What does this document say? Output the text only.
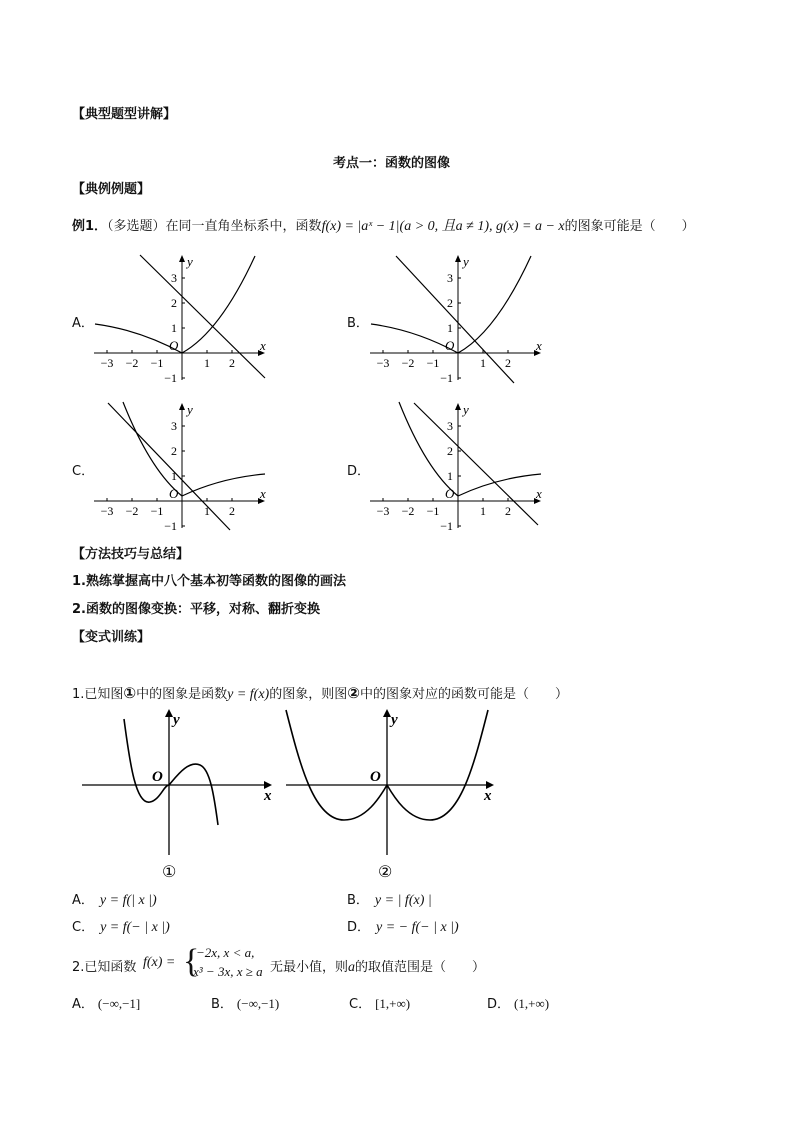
【典型题型讲解】
考点一：函数的图像
【典例例题】
例1．（多选题）在同一直角坐标系中，函数f(x) = |aˣ − 1|(a > 0, 且a ≠ 1), g(x) = a − x的图象可能是（　　）
A．	B．
C．	D．
−3 −2 −1	1 2
3
2
1
−1
x
y
O
−3 −2 −1	1 2
3
2
1
−1
x
y
O
−3 −2 −1	1 2
3
2
1
−1
x
y
O
−3 −2 −1	1 2
3
2
1
−1
x
y
O
【方法技巧与总结】
1.熟练掌握高中八个基本初等函数的图像的画法
2.函数的图像变换：平移，对称、翻折变换
【变式训练】
1.已知图①中的图象是函数y = f(x)的图象，则图②中的图象对应的函数可能是（　　）
x
y
O
①
x
y
O
②
A． y = f(| x |)	B． y = | f(x) |
C． y = f(− | x |)	D． y = − f(− | x |)
2.已知函数 f(x) = {
−2x, x < a,
x³ − 3x, x ≥ a 无最小值，则a的取值范围是（　　）
A． (−∞,−1]	B． (−∞,−1)	C． [1,+∞)	D． (1,+∞)
